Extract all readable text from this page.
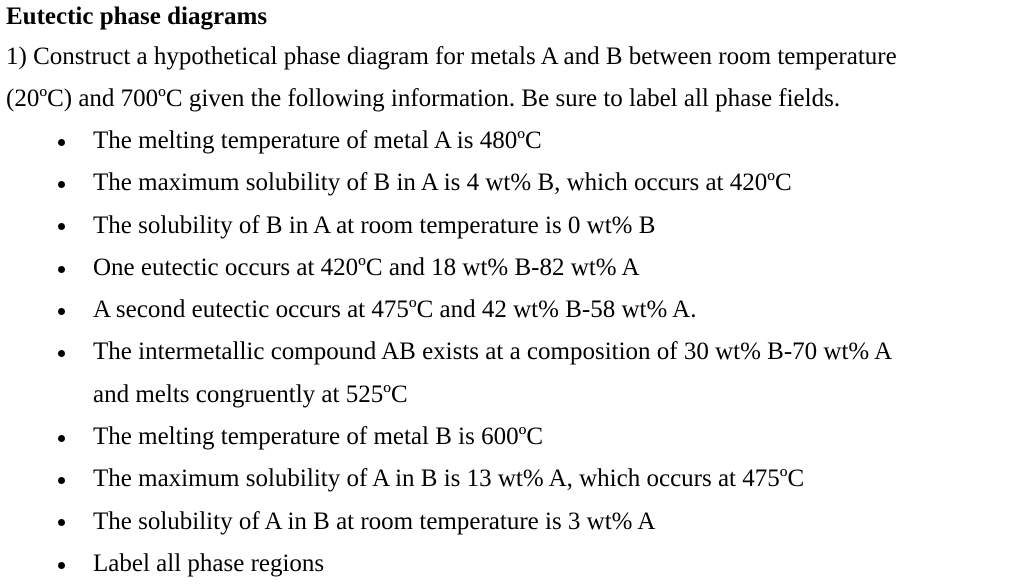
Eutectic phase diagrams

1) Construct a hypothetical phase diagram for metals A and B between room temperature
(20ºC) and 700ºC given the following information. Be sure to label all phase fields.

The melting temperature of metal A is 480ºC
The maximum solubility of B in A is 4 wt% B, which occurs at 420ºC
The solubility of B in A at room temperature is 0 wt% B
One eutectic occurs at 420ºC and 18 wt% B-82 wt% A
A second eutectic occurs at 475ºC and 42 wt% B-58 wt% A.
The intermetallic compound AB exists at a composition of 30 wt% B-70 wt% A
and melts congruently at 525ºC
The melting temperature of metal B is 600ºC
The maximum solubility of A in B is 13 wt% A, which occurs at 475ºC
The solubility of A in B at room temperature is 3 wt% A
Label all phase regions
